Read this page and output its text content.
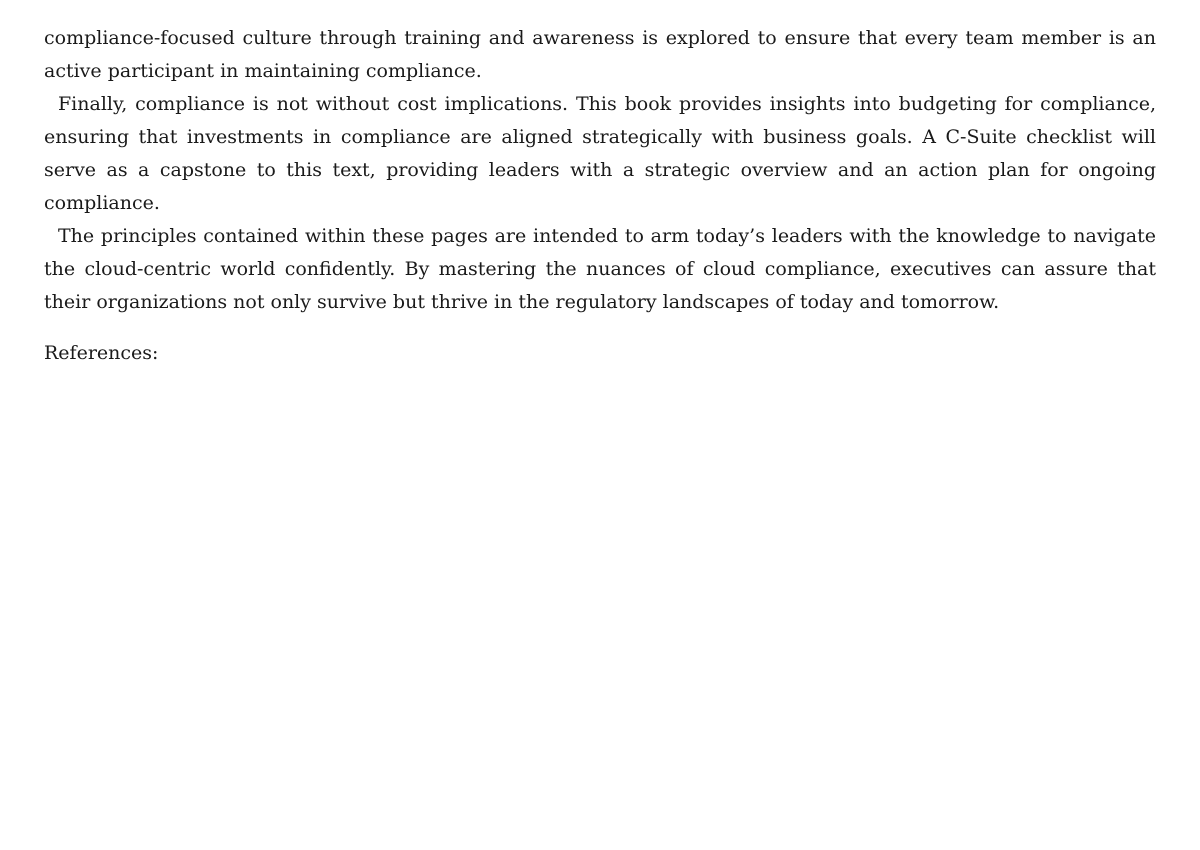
compliance-focused culture through training and awareness is explored to ensure that every team member is an active participant in maintaining compliance.

Finally, compliance is not without cost implications. This book provides insights into budgeting for compliance, ensuring that investments in compliance are aligned strategically with business goals. A C-Suite checklist will serve as a capstone to this text, providing leaders with a strategic overview and an action plan for ongoing compliance.

The principles contained within these pages are intended to arm today’s leaders with the knowledge to navigate the cloud-centric world confidently. By mastering the nuances of cloud compliance, executives can assure that their organizations not only survive but thrive in the regulatory landscapes of today and tomorrow.

References:
